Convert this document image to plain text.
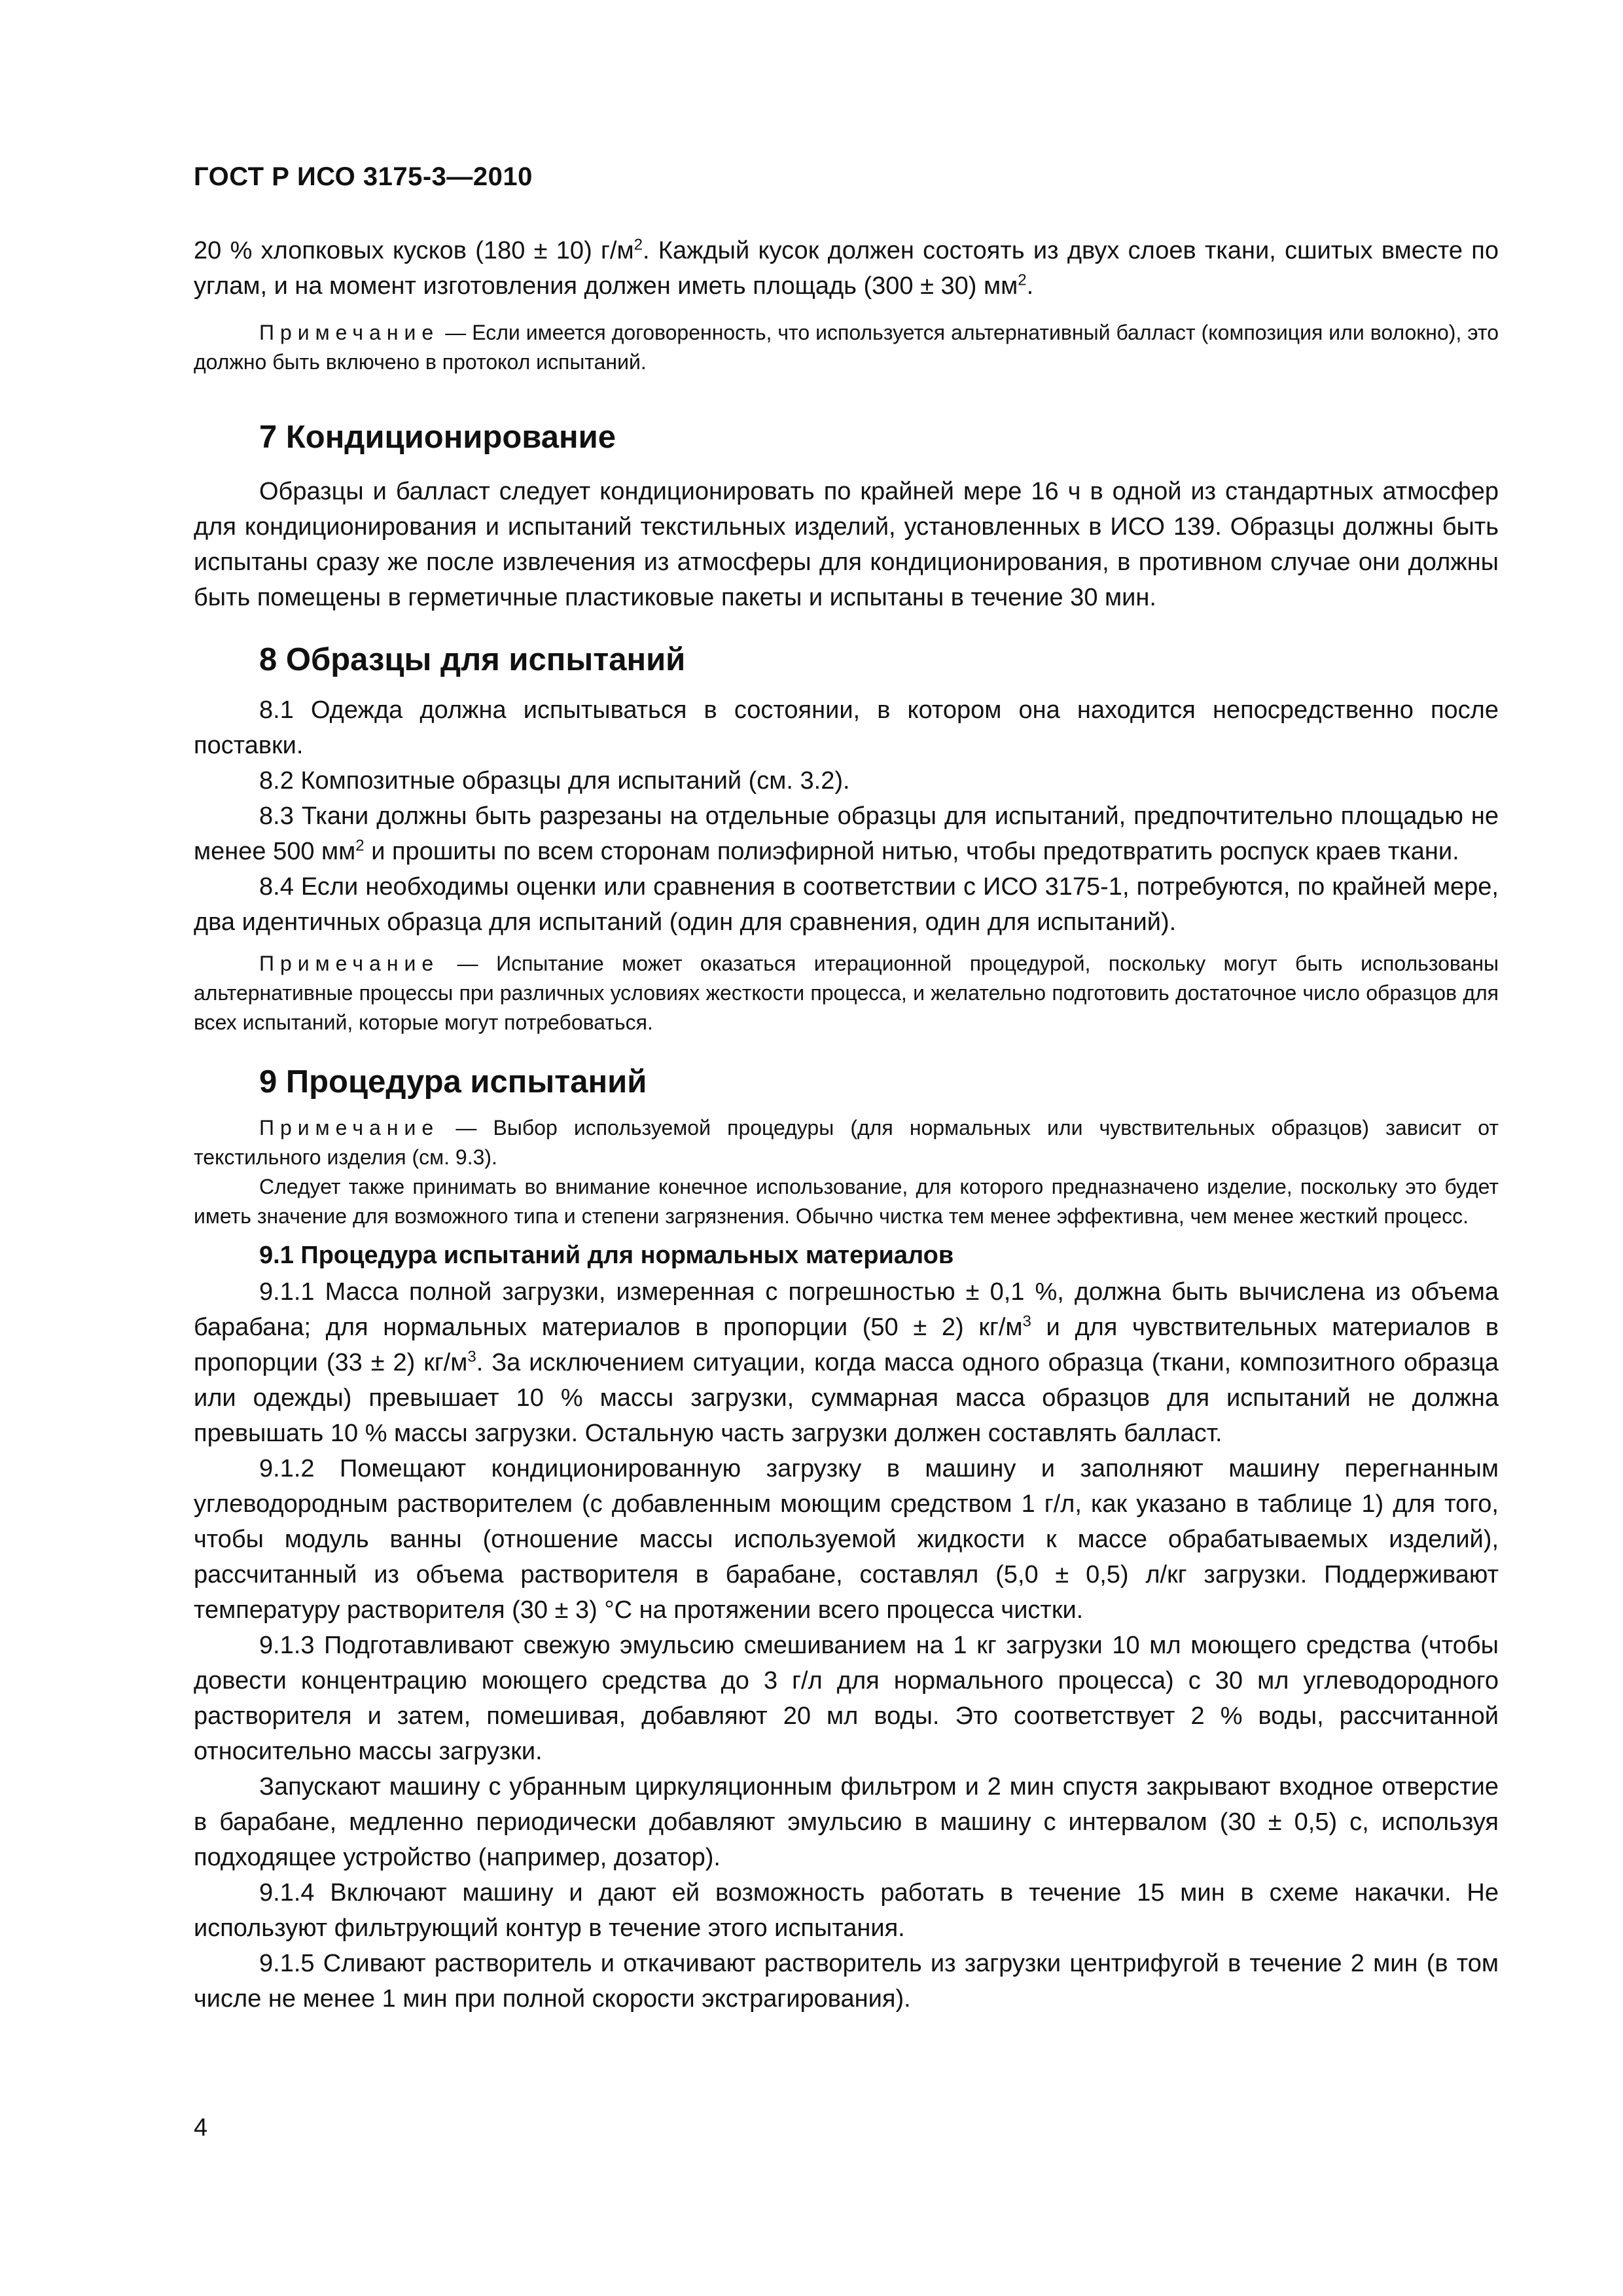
ГОСТ Р ИСО 3175-3—2010

20 % хлопковых кусков (180 ± 10) $г/м^2$. Каждый кусок должен состоять из двух слоев ткани, сшитых вместе по углам, и на момент изготовления должен иметь площадь (300 ± 30) $мм^2$.

Примечание — Если имеется договоренность, что используется альтернативный балласт (композиция или волокно), это должно быть включено в протокол испытаний.

7 Кондиционирование

Образцы и балласт следует кондиционировать по крайней мере 16 ч в одной из стандартных атмосфер для кондиционирования и испытаний текстильных изделий, установленных в ИСО 139. Образцы должны быть испытаны сразу же после извлечения из атмосферы для кондиционирования, в противном случае они должны быть помещены в герметичные пластиковые пакеты и испытаны в течение 30 мин.

8 Образцы для испытаний

8.1 Одежда должна испытываться в состоянии, в котором она находится непосредственно после поставки.

8.2 Композитные образцы для испытаний (см. 3.2).

8.3 Ткани должны быть разрезаны на отдельные образцы для испытаний, предпочтительно площадью не менее 500 $мм^2$ и прошиты по всем сторонам полиэфирной нитью, чтобы предотвратить роспуск краев ткани.

8.4 Если необходимы оценки или сравнения в соответствии с ИСО 3175-1, потребуются, по крайней мере, два идентичных образца для испытаний (один для сравнения, один для испытаний).

Примечание — Испытание может оказаться итерационной процедурой, поскольку могут быть использованы альтернативные процессы при различных условиях жесткости процесса, и желательно подготовить достаточное число образцов для всех испытаний, которые могут потребоваться.

9 Процедура испытаний

Примечание — Выбор используемой процедуры (для нормальных или чувствительных образцов) зависит от текстильного изделия (см. 9.3).

Следует также принимать во внимание конечное использование, для которого предназначено изделие, поскольку это будет иметь значение для возможного типа и степени загрязнения. Обычно чистка тем менее эффективна, чем менее жесткий процесс.

9.1 Процедура испытаний для нормальных материалов

9.1.1 Масса полной загрузки, измеренная с погрешностью ± 0,1 %, должна быть вычислена из объема барабана; для нормальных материалов в пропорции (50 ± 2) $кг/м^3$ и для чувствительных материалов в пропорции (33 ± 2) $кг/м^3$. За исключением ситуации, когда масса одного образца (ткани, композитного образца или одежды) превышает 10 % массы загрузки, суммарная масса образцов для испытаний не должна превышать 10 % массы загрузки. Остальную часть загрузки должен составлять балласт.

9.1.2 Помещают кондиционированную загрузку в машину и заполняют машину перегнанным углеводородным растворителем (с добавленным моющим средством 1 г/л, как указано в таблице 1) для того, чтобы модуль ванны (отношение массы используемой жидкости к массе обрабатываемых изделий), рассчитанный из объема растворителя в барабане, составлял (5,0 ± 0,5) л/кг загрузки. Поддерживают температуру растворителя (30 ± 3) °С на протяжении всего процесса чистки.

9.1.3 Подготавливают свежую эмульсию смешиванием на 1 кг загрузки 10 мл моющего средства (чтобы довести концентрацию моющего средства до 3 г/л для нормального процесса) с 30 мл углеводородного растворителя и затем, помешивая, добавляют 20 мл воды. Это соответствует 2 % воды, рассчитанной относительно массы загрузки.

Запускают машину с убранным циркуляционным фильтром и 2 мин спустя закрывают входное отверстие в барабане, медленно периодически добавляют эмульсию в машину с интервалом (30 ± 0,5) с, используя подходящее устройство (например, дозатор).

9.1.4 Включают машину и дают ей возможность работать в течение 15 мин в схеме накачки. Не используют фильтрующий контур в течение этого испытания.

9.1.5 Сливают растворитель и откачивают растворитель из загрузки центрифугой в течение 2 мин (в том числе не менее 1 мин при полной скорости экстрагирования).

4
